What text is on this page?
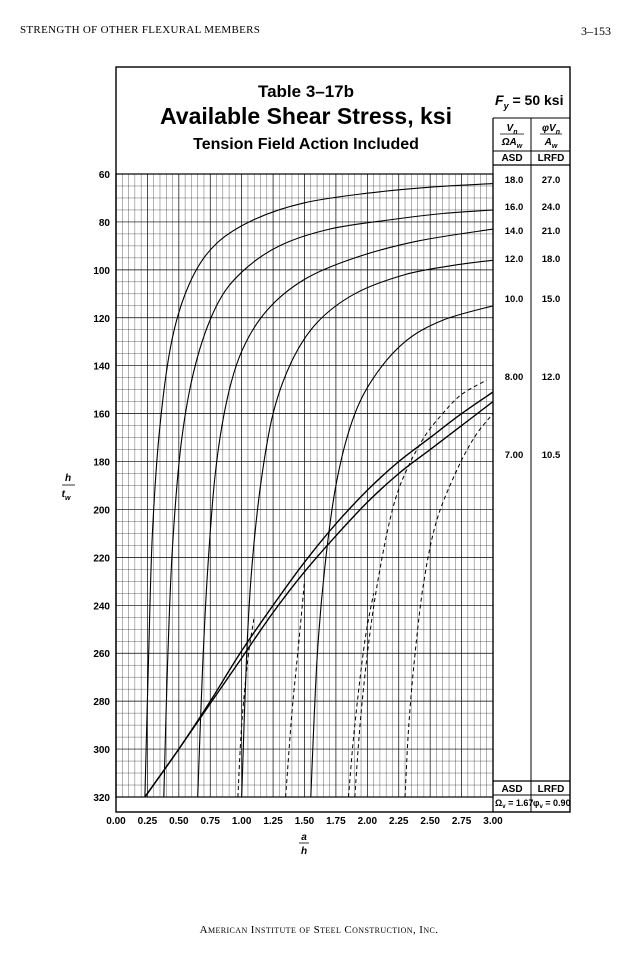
STRENGTH OF OTHER FLEXURAL MEMBERS	3–153
Table 3–17b
Available Shear Stress, ksi
Tension Field Action Included
$F_y = 50$ ksi
0.00 0.25 0.50 0.75 1.00 1.25 1.50 1.75 2.00 2.25 2.50 2.75 3.00
60
80
100
120
140
160
180
200
220
240
260
280
300
320
18.0 27.0
16.0 24.0
14.0 21.0
12.0 18.0
10.0 15.0
8.00 12.0
7.00 10.5
$V_n$
$\Omega A_w$
$\varphi V_n$
$A_w$
ASD LRFD
ASD LRFD
$\Omega_v = 1.67$ $\varphi_v = 0.90$
a
h
h
$t_w$
American Institute of Steel Construction, Inc.
